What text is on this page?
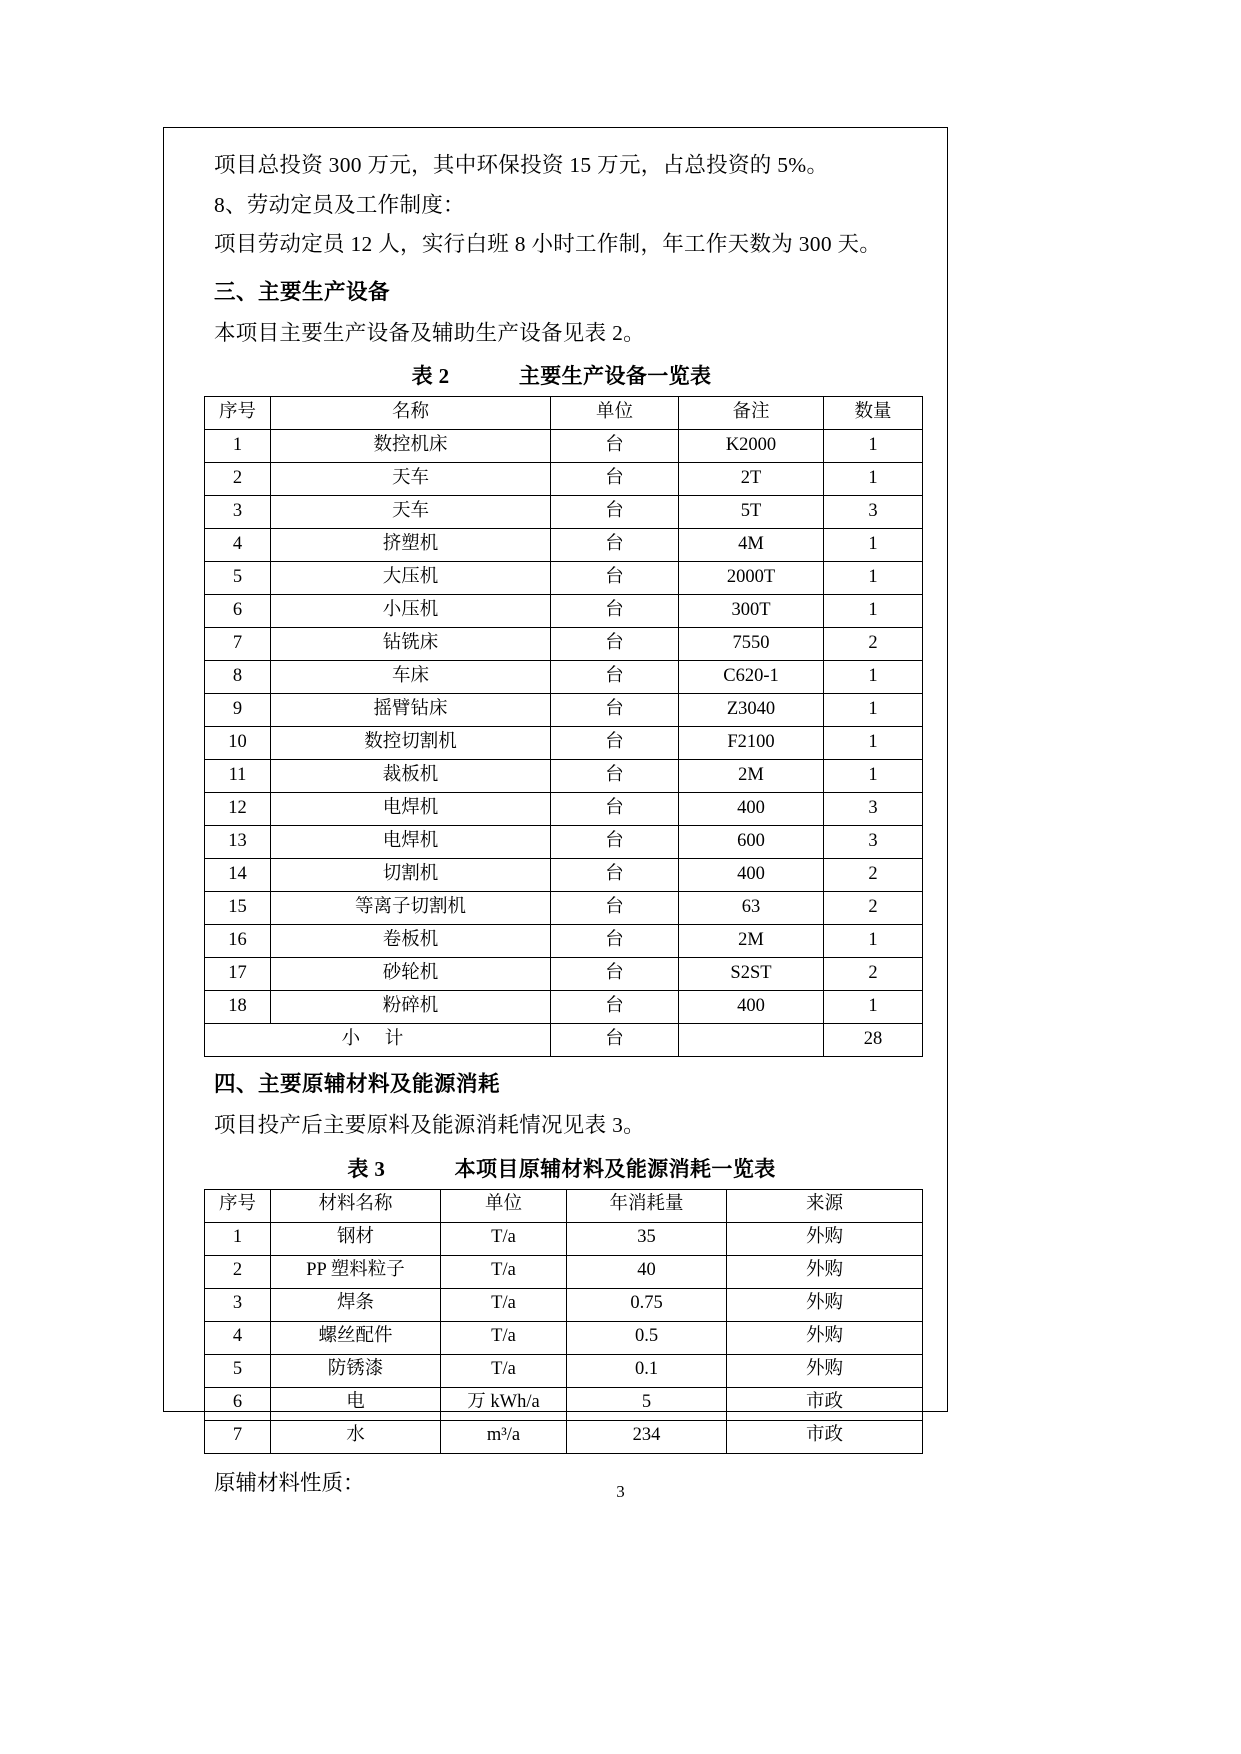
项目总投资 300 万元，其中环保投资 15 万元，占总投资的 5%。

8、劳动定员及工作制度：

项目劳动定员 12 人，实行白班 8 小时工作制，年工作天数为 300 天。

三、主要生产设备

本项目主要生产设备及辅助生产设备见表 2。

表 2	主要生产设备一览表
序号	名称	单位	备注	数量
1	数控机床	台	K2000	1
2	天车	台	2T	1
3	天车	台	5T	3
4	挤塑机	台	4M	1
5	大压机	台	2000T	1
6	小压机	台	300T	1
7	钻铣床	台	7550	2
8	车床	台	C620-1	1
9	摇臂钻床	台	Z3040	1
10	数控切割机	台	F2100	1
11	裁板机	台	2M	1
12	电焊机	台	400	3
13	电焊机	台	600	3
14	切割机	台	400	2
15	等离子切割机	台	63	2
16	卷板机	台	2M	1
17	砂轮机	台	S2ST	2
18	粉碎机	台	400	1
小 计		台		28
四、主要原辅材料及能源消耗

项目投产后主要原料及能源消耗情况见表 3。

表 3	本项目原辅材料及能源消耗一览表
序号	材料名称	单位	年消耗量	来源
1	钢材	T/a	35	外购
2	PP 塑料粒子	T/a	40	外购
3	焊条	T/a	0.75	外购
4	螺丝配件	T/a	0.5	外购
5	防锈漆	T/a	0.1	外购
6	电	万 kWh/a	5	市政
7	水	m³/a	234	市政

原辅材料性质：	3
